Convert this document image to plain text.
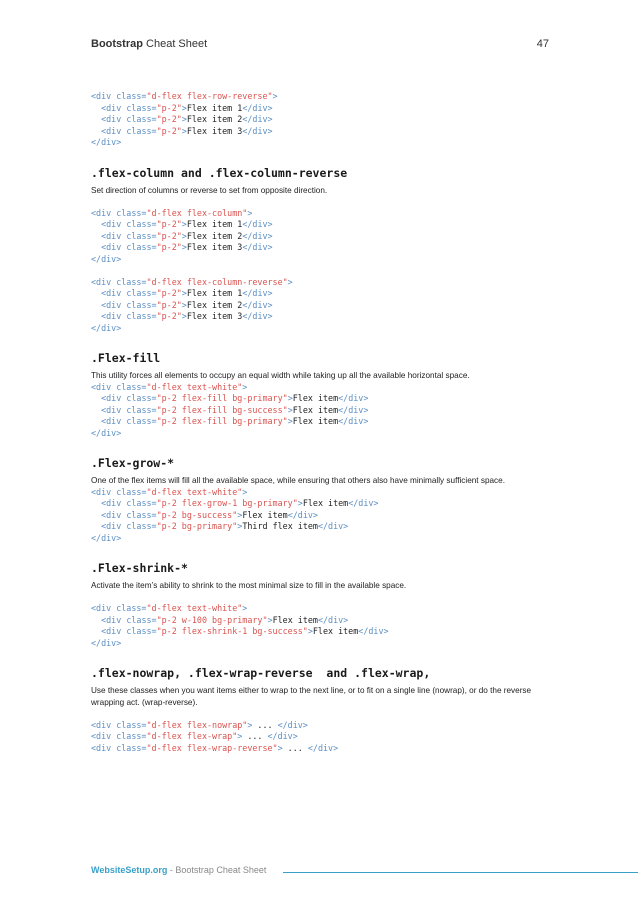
Bootstrap Cheat Sheet	47
<div class="d-flex flex-row-reverse">
<div class="p-2">Flex item 1</div>
<div class="p-2">Flex item 2</div>
<div class="p-2">Flex item 3</div>
</div>
.flex-column and .flex-column-reverse

Set direction of columns or reverse to set from opposite direction.

<div class="d-flex flex-column">
<div class="p-2">Flex item 1</div>
<div class="p-2">Flex item 2</div>
<div class="p-2">Flex item 3</div>
</div>
<div class="d-flex flex-column-reverse">
<div class="p-2">Flex item 1</div>
<div class="p-2">Flex item 2</div>
<div class="p-2">Flex item 3</div>
</div>
.Flex-fill

This utility forces all elements to occupy an equal width while taking up all the available horizontal space.

<div class="d-flex text-white">
<div class="p-2 flex-fill bg-primary">Flex item</div>
<div class="p-2 flex-fill bg-success">Flex item</div>
<div class="p-2 flex-fill bg-primary">Flex item</div>
</div>
.Flex-grow-*

One of the flex items will fill all the available space, while ensuring that others also have minimally sufficient space.

<div class="d-flex text-white">
<div class="p-2 flex-grow-1 bg-primary">Flex item</div>
<div class="p-2 bg-success">Flex item</div>
<div class="p-2 bg-primary">Third flex item</div>
</div>
.Flex-shrink-*

Activate the item’s ability to shrink to the most minimal size to fill in the available space.

<div class="d-flex text-white">
<div class="p-2 w-100 bg-primary">Flex item</div>
<div class="p-2 flex-shrink-1 bg-success">Flex item</div>
</div>
.flex-nowrap, .flex-wrap-reverse  and .flex-wrap,

Use these classes when you want items either to wrap to the next line, or to fit on a single line (nowrap), or do the reverse wrapping act. (wrap-reverse).

<div class="d-flex flex-nowrap"> ... </div>
<div class="d-flex flex-wrap"> ... </div>
<div class="d-flex flex-wrap-reverse"> ... </div>
WebsiteSetup.org - Bootstrap Cheat Sheet
